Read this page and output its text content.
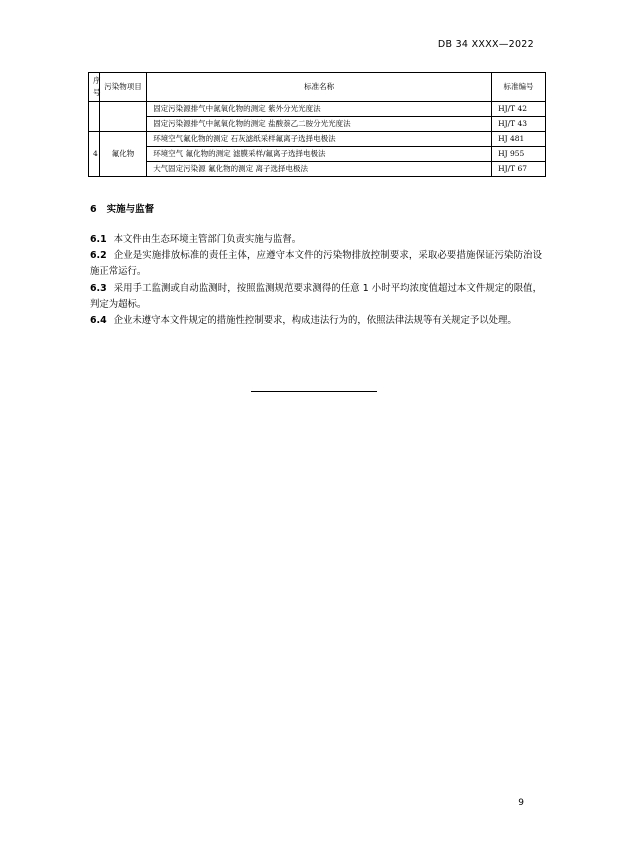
DB 34 XXXX—2022
序号	污染物项目	标准名称	标准编号
		固定污染源排气中氮氧化物的测定 紫外分光光度法	HJ/T 42
		固定污染源排气中氮氧化物的测定 盐酸萘乙二胺分光光度法	HJ/T 43
4	氟化物	环境空气氟化物的测定 石灰滤纸采样氟离子选择电极法	HJ 481
		环境空气 氟化物的测定 滤膜采样/氟离子选择电极法	HJ 955
		大气固定污染源 氟化物的测定 离子选择电极法	HJ/T 67
6 实施与监督

6.1 本文件由生态环境主管部门负责实施与监督。

6.2 企业是实施排放标准的责任主体，应遵守本文件的污染物排放控制要求，采取必要措施保证污染防治设施正常运行。

6.3 采用手工监测或自动监测时，按照监测规范要求测得的任意 1 小时平均浓度值超过本文件规定的限值，判定为超标。

6.4 企业未遵守本文件规定的措施性控制要求，构成违法行为的，依照法律法规等有关规定予以处理。

9
